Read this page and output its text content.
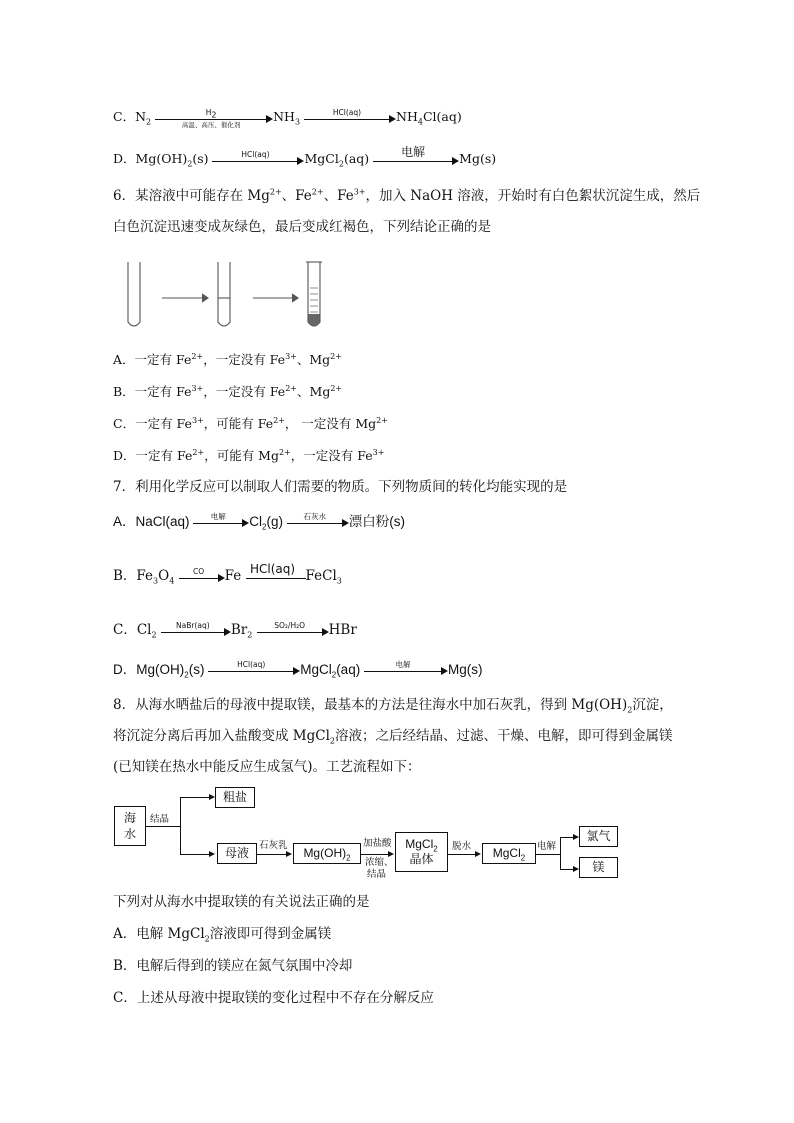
C．$N_2$
$H_2$
高温、高压、催化剂
$NH_3$
HCl(aq)	$NH_4Cl(aq)$
D．$Mg(OH)_2(s)$	HCl(aq)	MgCl$_2$(aq)	电解	Mg(s)
6．某溶液中可能存在 $Mg^{2+}$、$Fe^{2+}$、$Fe^{3+}$，加入 NaOH 溶液，开始时有白色絮状沉淀生成，然后
白色沉淀迅速变成灰绿色，最后变成红褐色，下列结论正确的是
A．一定有 $Fe^{2+}$，一定没有 $Fe^{3+}$、$Mg^{2+}$
B．一定有 $Fe^{3+}$，一定没有 $Fe^{2+}$、$Mg^{2+}$
C．一定有 $Fe^{3+}$，可能有 $Fe^{2+}$， 一定没有 $Mg^{2+}$
D．一定有 $Fe^{2+}$，可能有 $Mg^{2+}$，一定没有 $Fe^{3+}$
7．利用化学反应可以制取人们需要的物质。下列物质间的转化均能实现的是
A．NaCl(aq)	电解	$Cl_2(g)$	石灰水	漂白粉(s)
B．$Fe_3O_4$
CO	Fe HCl(aq) FeCl$_3$
C．$Cl_2$
NaBr(aq)	$Br_2$
SO₂/H₂O	HBr
D．$Mg(OH)_2(s)$	HCl(aq)	MgCl$_2$(aq)	电解	Mg(s)
8．从海水晒盐后的母液中提取镁，最基本的方法是往海水中加石灰乳，得到 $Mg(OH)_2$沉淀，
将沉淀分离后再加入盐酸变成 MgCl$_2$溶液；之后经结晶、过滤、干燥、电解，即可得到金属镁
(已知镁在热水中能反应生成氢气)。工艺流程如下：
海
水
结晶
粗盐
母液
石灰乳
$Mg(OH)_2$
加盐酸
浓缩、
结晶
MgCl$_2$
晶体
脱水	MgCl$_2$
电解
氯气
镁
下列对从海水中提取镁的有关说法正确的是
A．电解 MgCl$_2$溶液即可得到金属镁
B．电解后得到的镁应在氮气氛围中冷却
C．上述从母液中提取镁的变化过程中不存在分解反应
